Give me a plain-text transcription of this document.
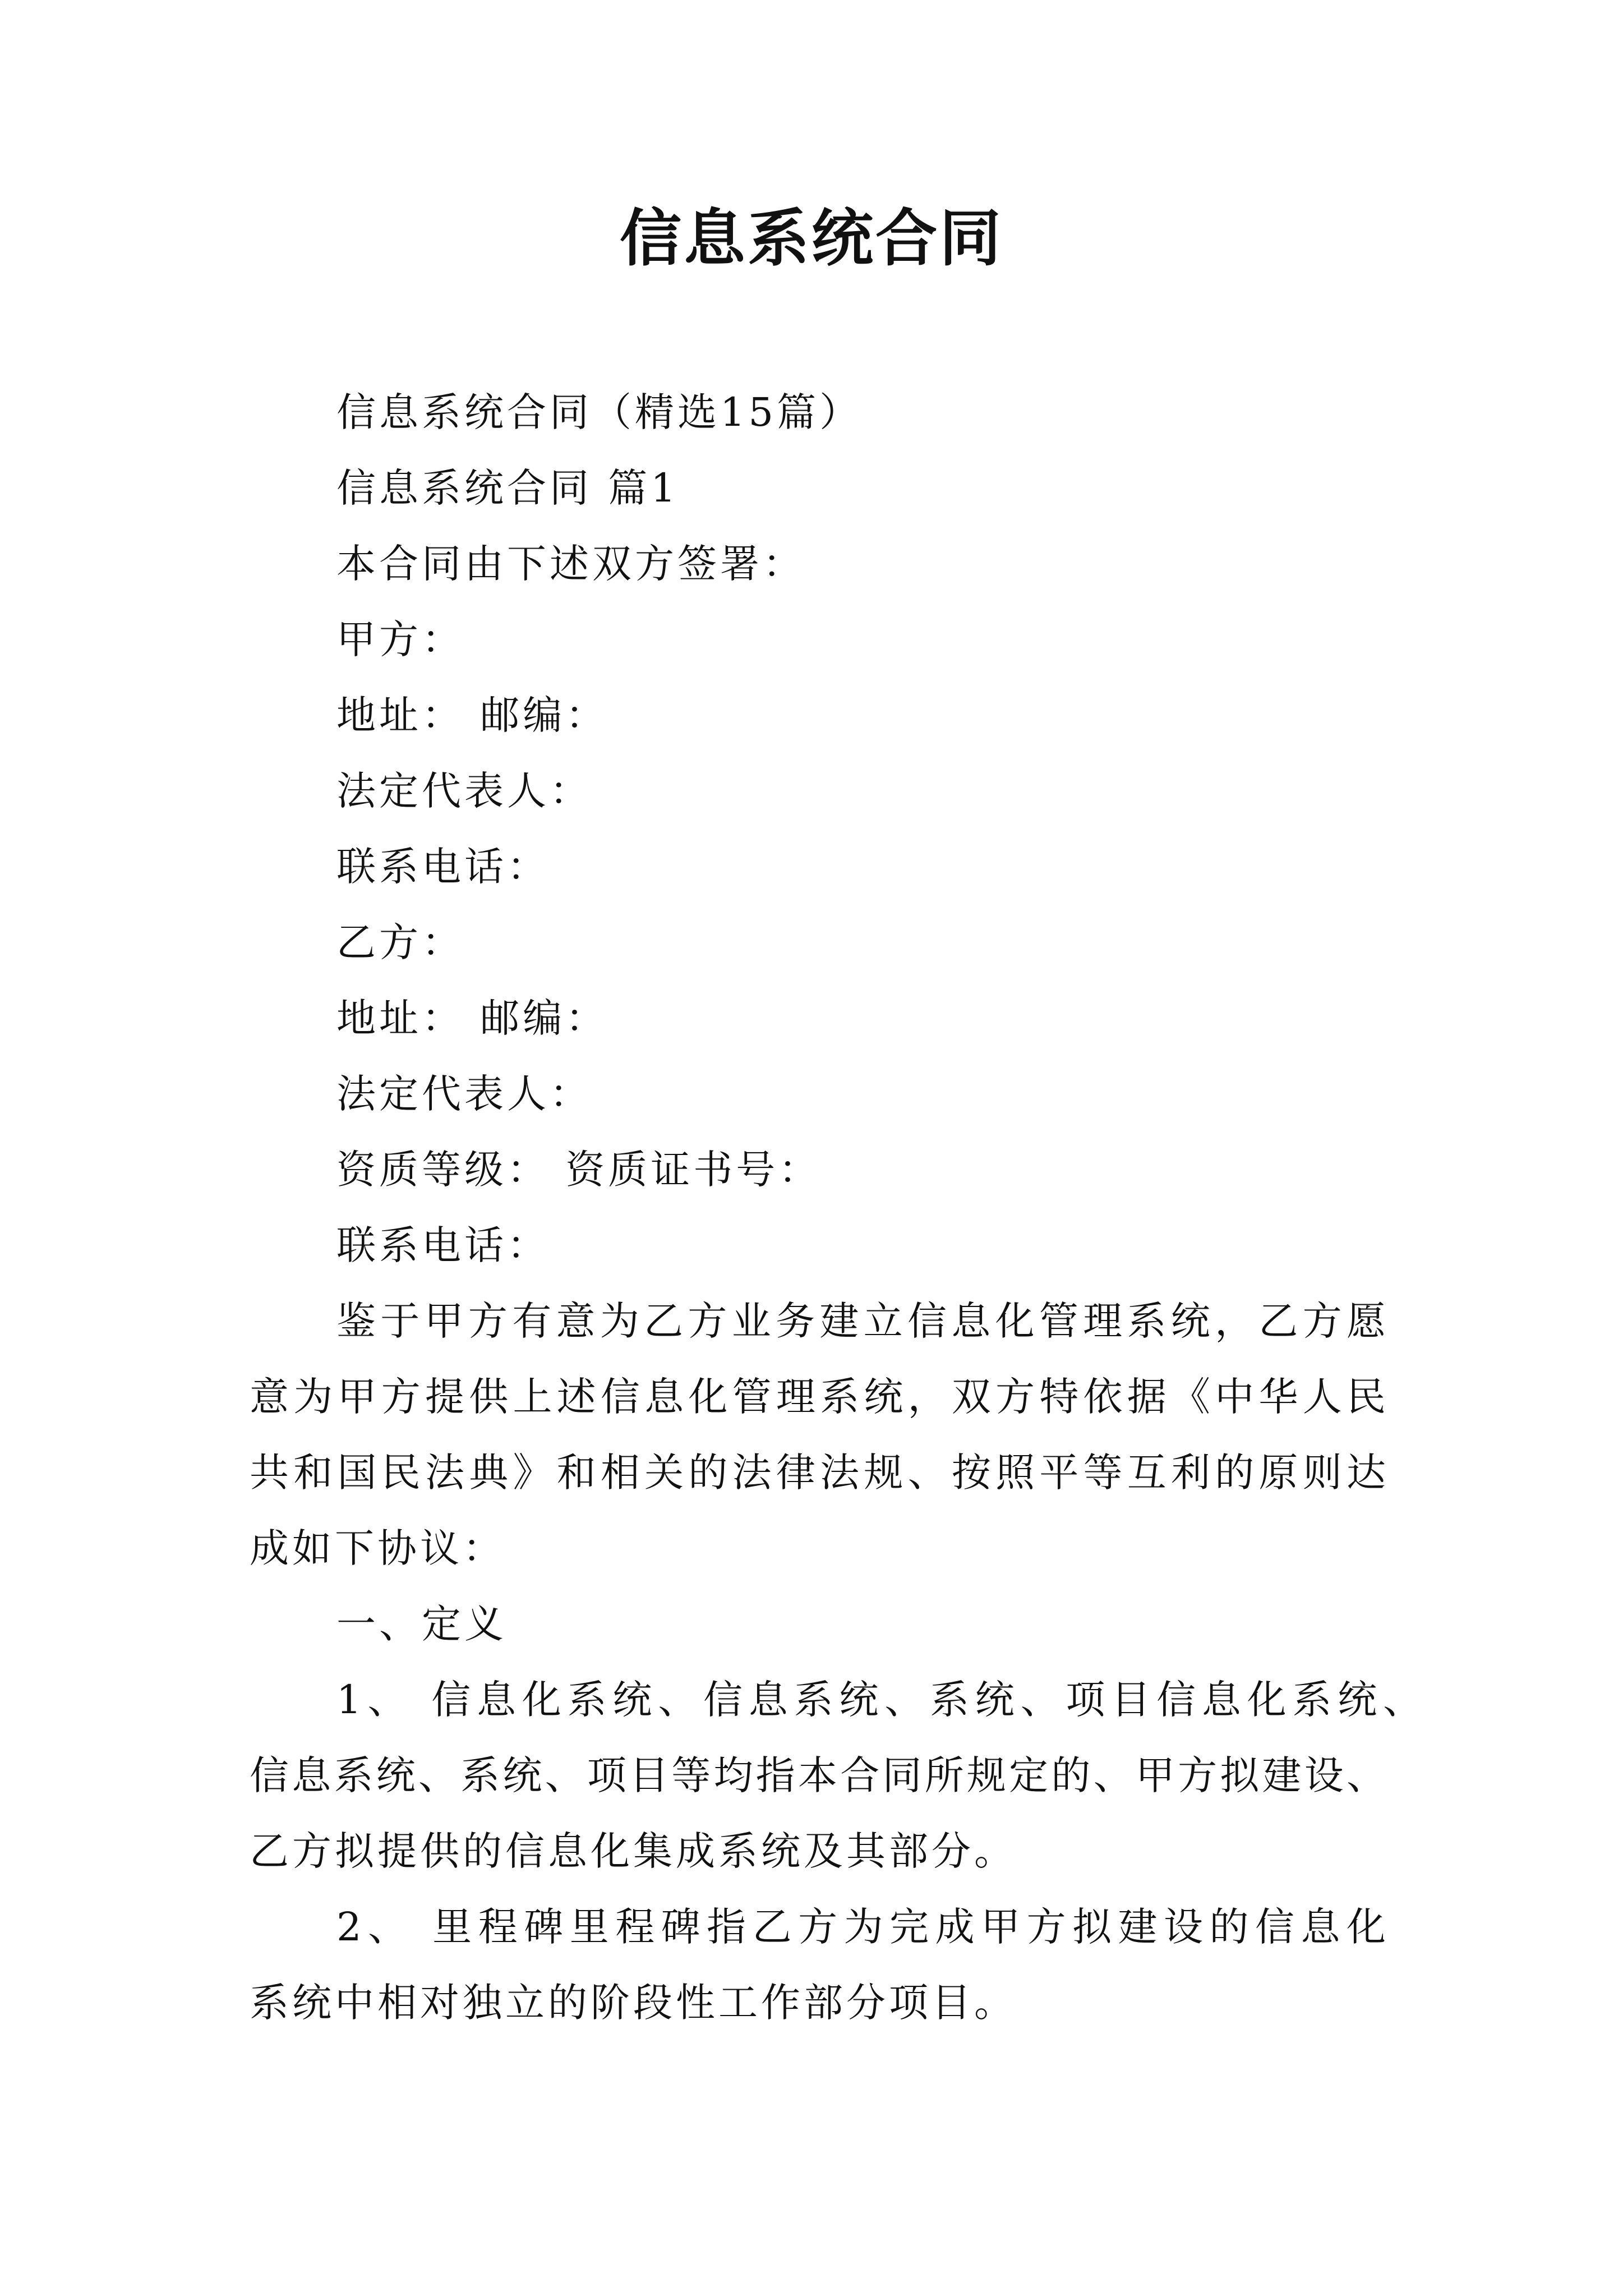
信息系统合同
信息系统合同（精选15篇）
信息系统合同 篇1
本合同由下述双方签署：
甲方：
地址： 邮编：
法定代表人：
联系电话：
乙方：
地址： 邮编：
法定代表人：
资质等级： 资质证书号：
联系电话：
鉴于甲方有意为乙方业务建立信息化管理系统，乙方愿
意为甲方提供上述信息化管理系统，双方特依据《中华人民
共和国民法典》和相关的法律法规、按照平等互利的原则达
成如下协议：
一、定义
1、 信息化系统、信息系统、系统、项目信息化系统、
信息系统、系统、项目等均指本合同所规定的、甲方拟建设、
乙方拟提供的信息化集成系统及其部分。
2、 里程碑里程碑指乙方为完成甲方拟建设的信息化
系统中相对独立的阶段性工作部分项目。
